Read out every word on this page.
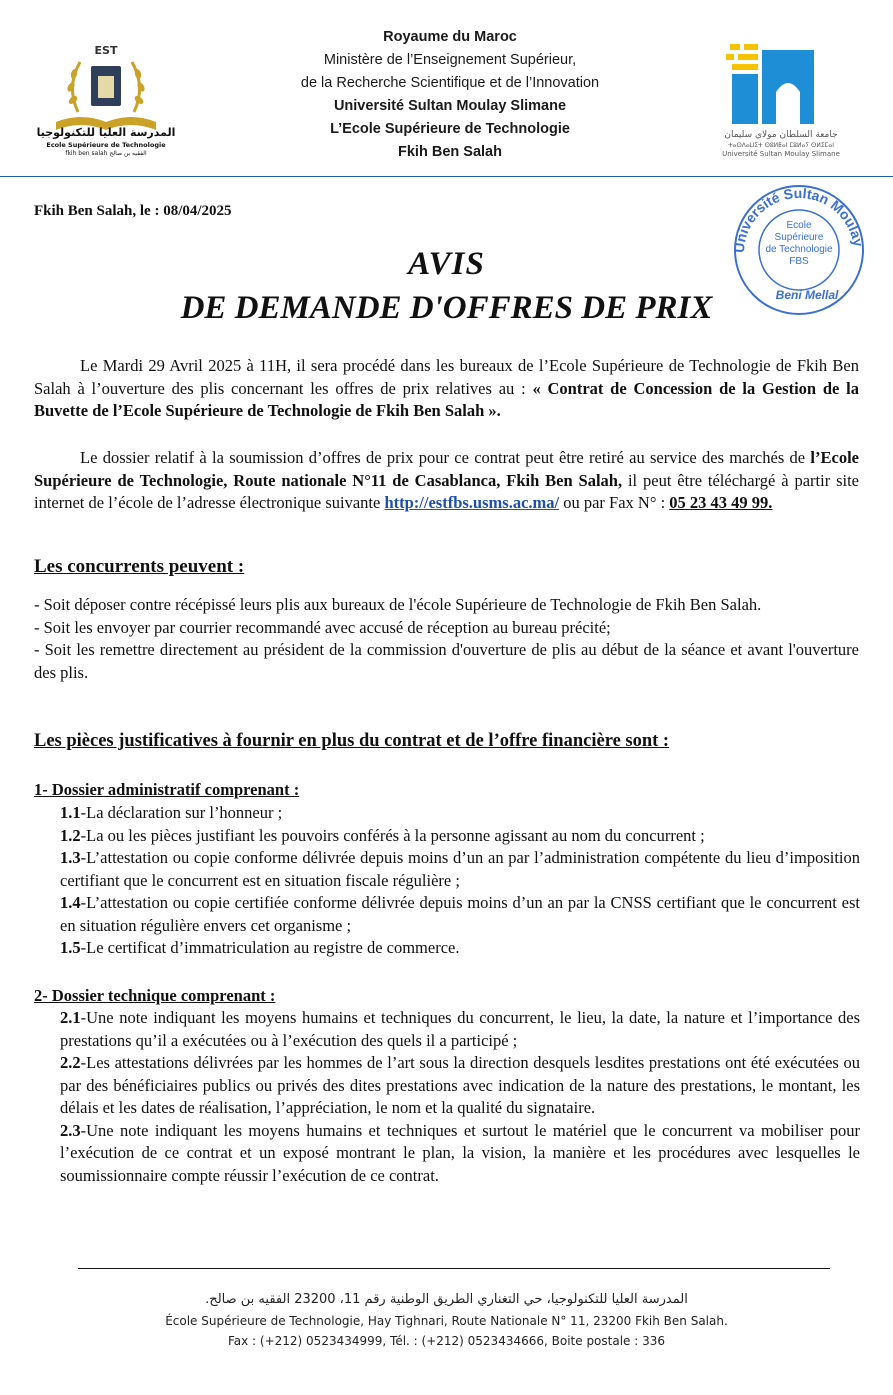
EST
المدرسة العليا للتكنولوجيا
Ecole Supérieure de Technologie
fkih ben salah الفقيه بن صالح
Royaume du Maroc
Ministère de l’Enseignement Supérieur,
de la Recherche Scientifique et de l’Innovation
Université Sultan Moulay Slimane
L’Ecole Supérieure de Technologie
Fkih Ben Salah
جامعة السلطان مولاي سليمان
ⵜⴰⵙⴷⴰⵡⵉⵜ ⵙⵓⵍⵟⴰⵏ ⵎⵓⵍⴰⵢ ⵙⵍⵉⵎⴰⵏ
Université Sultan Moulay Slimane
Fkih Ben Salah, le : 08/04/2025
Université Sultan Moulay
Ecole
Supérieure
de Technologie
FBS
Beni Mellal
AVIS
DE DEMANDE D'OFFRES DE PRIX
Le Mardi 29 Avril 2025 à 11H, il sera procédé dans les bureaux de l’Ecole Supérieure de Technologie de Fkih Ben Salah à l’ouverture des plis concernant les offres de prix relatives au : « Contrat de Concession de la Gestion de la Buvette de l’Ecole Supérieure de Technologie de Fkih Ben Salah ».
Le dossier relatif à la soumission d’offres de prix pour ce contrat peut être retiré au service des marchés de l’Ecole Supérieure de Technologie, Route nationale N°11 de Casablanca, Fkih Ben Salah, il peut être téléchargé à partir site internet de l’école de l’adresse électronique suivante http://estfbs.usms.ac.ma/ ou par Fax N° : 05 23 43 49 99.
Les concurrents peuvent :
- Soit déposer contre récépissé leurs plis aux bureaux de l'école Supérieure de Technologie de Fkih Ben Salah.
- Soit les envoyer par courrier recommandé avec accusé de réception au bureau précité;
- Soit les remettre directement au président de la commission d'ouverture de plis au début de la séance et avant l'ouverture des plis.
Les pièces justificatives à fournir en plus du contrat et de l’offre financière sont :
1- Dossier administratif comprenant :
1.1-La déclaration sur l’honneur ;
1.2-La ou les pièces justifiant les pouvoirs conférés à la personne agissant au nom du concurrent ;
1.3-L’attestation ou copie conforme délivrée depuis moins d’un an par l’administration compétente du lieu d’imposition certifiant que le concurrent est en situation fiscale régulière ;
1.4-L’attestation ou copie certifiée conforme délivrée depuis moins d’un an par la CNSS certifiant que le concurrent est en situation régulière envers cet organisme ;
1.5-Le certificat d’immatriculation au registre de commerce.
2- Dossier technique comprenant :
2.1-Une note indiquant les moyens humains et techniques du concurrent, le lieu, la date, la nature et l’importance des prestations qu’il a exécutées ou à l’exécution des quels il a participé ;
2.2-Les attestations délivrées par les hommes de l’art sous la direction desquels lesdites prestations ont été exécutées ou par des bénéficiaires publics ou privés des dites prestations avec indication de la nature des prestations, le montant, les délais et les dates de réalisation, l’appréciation, le nom et la qualité du signataire.
2.3-Une note indiquant les moyens humains et techniques et surtout le matériel que le concurrent va mobiliser pour l’exécution de ce contrat et un exposé montrant le plan, la vision, la manière et les procédures avec lesquelles le soumissionnaire compte réussir l’exécution de ce contrat.
المدرسة العليا للتكنولوجيا، حي التغناري الطريق الوطنية رقم 11، 23200 الفقيه بن صالح.
École Supérieure de Technologie, Hay Tighnari, Route Nationale N° 11, 23200 Fkih Ben Salah.
Fax : (+212) 0523434999, Tél. : (+212) 0523434666, Boite postale : 336
